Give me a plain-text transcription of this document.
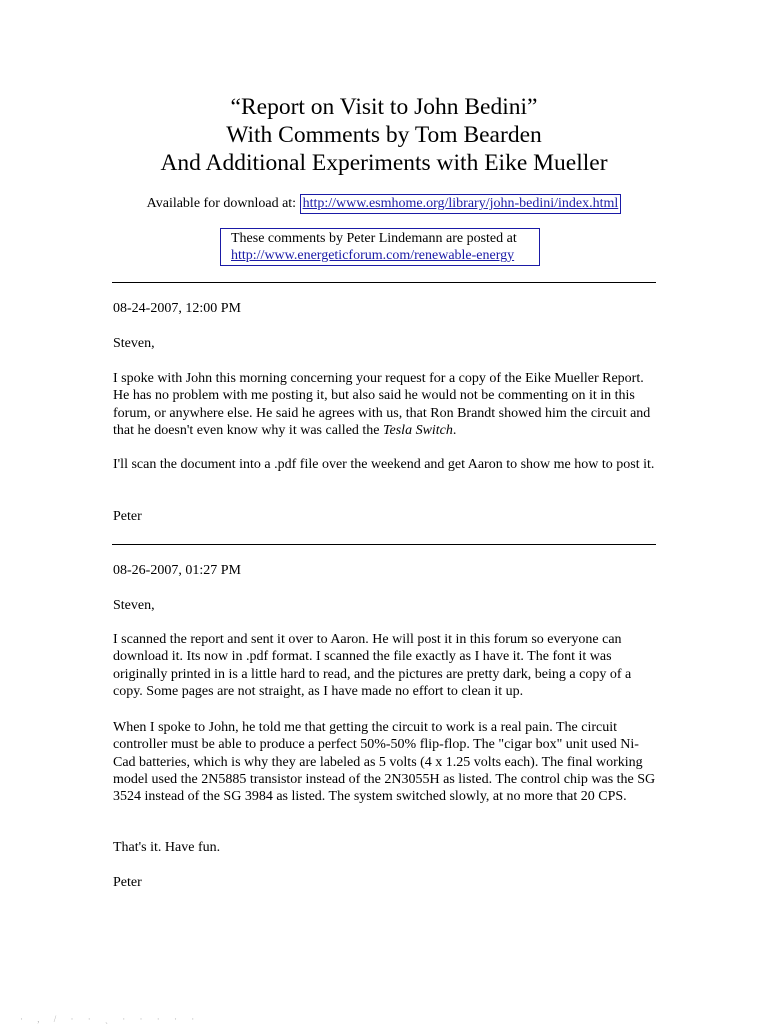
“Report on Visit to John Bedini”
With Comments by Tom Bearden
And Additional Experiments with Eike Mueller
Available for download at: http://www.esmhome.org/library/john-bedini/index.html
These comments by Peter Lindemann are posted at
http://www.energeticforum.com/renewable-energy
08-24-2007, 12:00 PM
Steven,

I spoke with John this morning concerning your request for a copy of the Eike Mueller Report. He has no problem with me posting it, but also said he would not be commenting on it in this forum, or anywhere else. He said he agrees with us, that Ron Brandt showed him the circuit and that he doesn't even know why it was called the Tesla Switch.

I'll scan the document into a .pdf file over the weekend and get Aaron to show me how to post it.

Peter
08-26-2007, 01:27 PM
Steven,

I scanned the report and sent it over to Aaron. He will post it in this forum so everyone can download it. Its now in .pdf format. I scanned the file exactly as I have it. The font it was originally printed in is a little hard to read, and the pictures are pretty dark, being a copy of a copy. Some pages are not straight, as I have made no effort to clean it up.

When I spoke to John, he told me that getting the circuit to work is a real pain. The circuit controller must be able to produce a perfect 50%-50% flip-flop. The "cigar box" unit used Ni-Cad batteries, which is why they are labeled as 5 volts (4 x 1.25 volts each). The final working model used the 2N5885 transistor instead of the 2N3055H as listed. The control chip was the SG 3524 instead of the SG 3984 as listed. The system switched slowly, at no more that 20 CPS.

That's it. Have fun.
Peter
· , / · · ˎ · · · · ·
